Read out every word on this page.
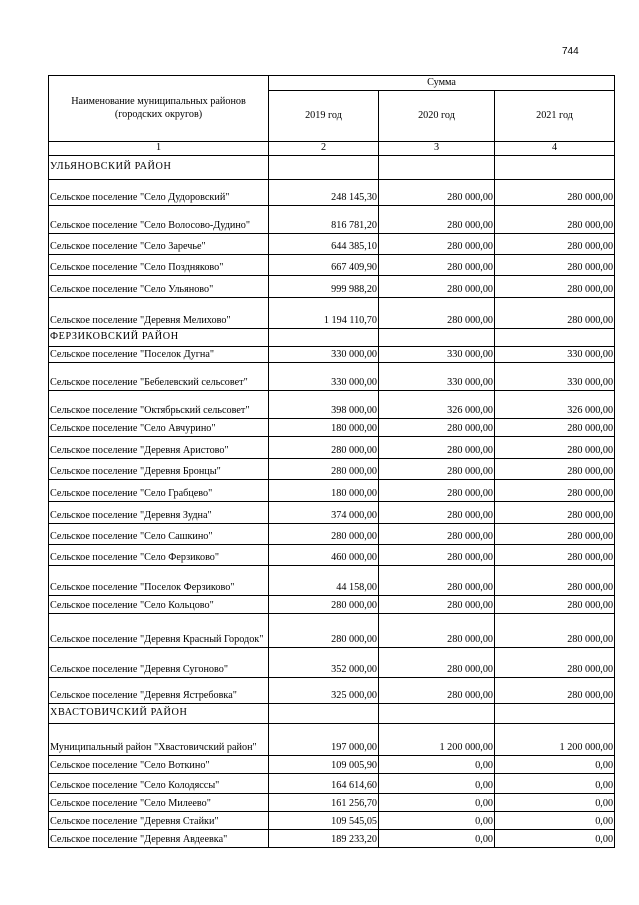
744
Наименование муниципальных районов (городских округов)	Сумма		
	2019 год	2020 год	2021 год
1	2	3	4
УЛЬЯНОВСКИЙ РАЙОН			
Сельское поселение "Село Дудоровский"	248 145,30	280 000,00	280 000,00
Сельское поселение "Село Волосово-Дудино"	816 781,20	280 000,00	280 000,00
Сельское поселение "Село Заречье"	644 385,10	280 000,00	280 000,00
Сельское поселение "Село Поздняково"	667 409,90	280 000,00	280 000,00
Сельское поселение "Село Ульяново"	999 988,20	280 000,00	280 000,00
Сельское поселение "Деревня Мелихово"	1 194 110,70	280 000,00	280 000,00
ФЕРЗИКОВСКИЙ РАЙОН			
Сельское поселение "Поселок Дугна"	330 000,00	330 000,00	330 000,00
Сельское поселение "Бебелевский сельсовет"	330 000,00	330 000,00	330 000,00
Сельское поселение "Октябрьский сельсовет"	398 000,00	326 000,00	326 000,00
Сельское поселение "Село Авчурино"	180 000,00	280 000,00	280 000,00
Сельское поселение "Деревня Аристово"	280 000,00	280 000,00	280 000,00
Сельское поселение "Деревня Бронцы"	280 000,00	280 000,00	280 000,00
Сельское поселение "Село Грабцево"	180 000,00	280 000,00	280 000,00
Сельское поселение "Деревня Зудна"	374 000,00	280 000,00	280 000,00
Сельское поселение "Село Сашкино"	280 000,00	280 000,00	280 000,00
Сельское поселение "Село Ферзиково"	460 000,00	280 000,00	280 000,00
Сельское поселение "Поселок Ферзиково"	44 158,00	280 000,00	280 000,00
Сельское поселение "Село Кольцово"	280 000,00	280 000,00	280 000,00
Сельское поселение "Деревня Красный Городок"	280 000,00	280 000,00	280 000,00
Сельское поселение "Деревня Сугоново"	352 000,00	280 000,00	280 000,00
Сельское поселение "Деревня Ястребовка"	325 000,00	280 000,00	280 000,00
ХВАСТОВИЧСКИЙ РАЙОН			
Муниципальный район "Хвастовичский район"	197 000,00	1 200 000,00	1 200 000,00
Сельское поселение "Село Воткино"	109 005,90	0,00	0,00
Сельское поселение "Село Колодяссы"	164 614,60	0,00	0,00
Сельское поселение "Село Милеево"	161 256,70	0,00	0,00
Сельское поселение "Деревня Стайки"	109 545,05	0,00	0,00
Сельское поселение "Деревня Авдеевка"	189 233,20	0,00	0,00
